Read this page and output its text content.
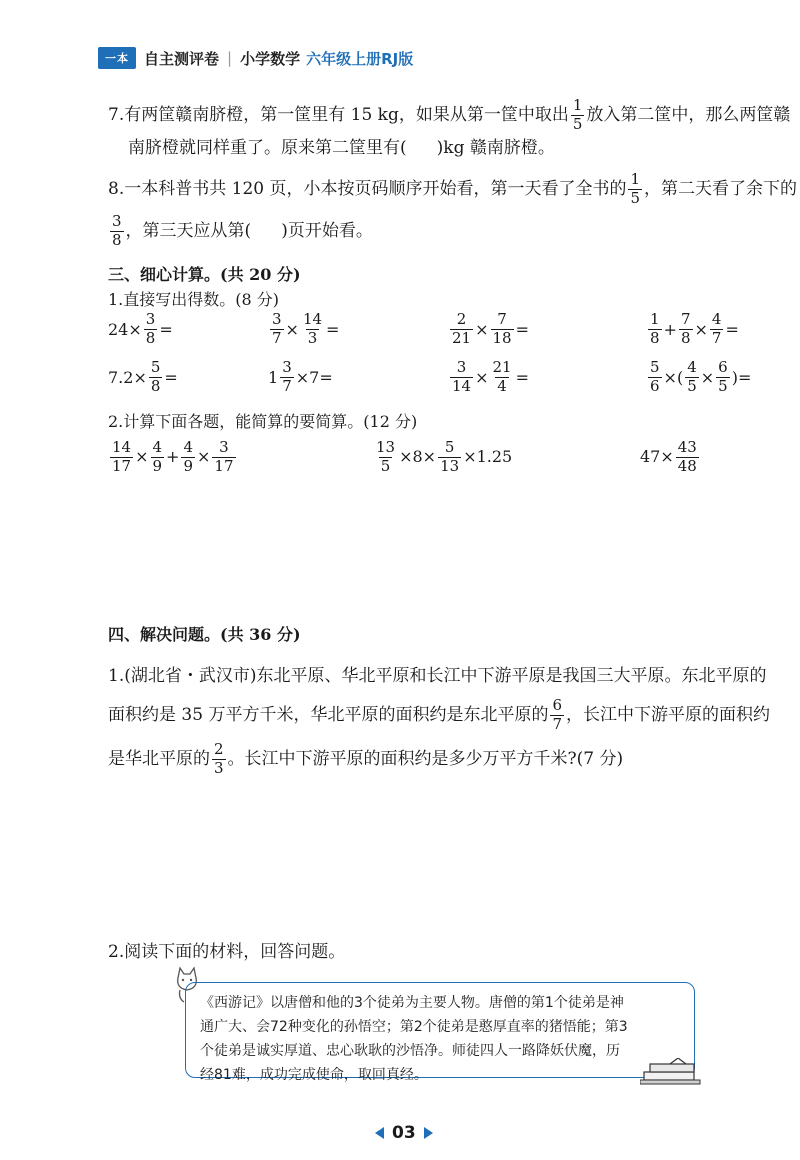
一本	自主测评卷 | 小学数学 六年级上册RJ版
7.有两筐赣南脐橙，第一筐里有 15 kg，如果从第一筐中取出 $\frac{1}{5}$ 放入第二筐中，那么两筐赣
南脐橙就同样重了。原来第二筐里有( )kg 赣南脐橙。
8.一本科普书共 120 页，小本按页码顺序开始看，第一天看了全书的 $\frac{1}{5}$ ，第二天看了余下的
$\frac{3}{8}$ ，第三天应从第( )页开始看。
三、细心计算。(共 20 分)
1.直接写出得数。(8 分)
$24\times \frac{3}{8}$ =	$\frac{3}{7} \times \frac{14}{3}$ =	$\frac{2}{21} \times \frac{7}{18}$ =	$\frac{1}{8} + \frac{7}{8} \times \frac{4}{7}$ =
$7.2\times \frac{5}{8}$ =	$1 \frac{3}{7} \times 7=$	$\frac{3}{14} \times \frac{21}{4}$ =	$\frac{5}{6}$ ×( $\frac{4}{5} \times \frac{6}{5}$ )=
2.计算下面各题，能简算的要简算。(12 分)
$\frac{14}{17} \times \frac{4}{9} + \frac{4}{9} \times \frac{3}{17}$	$\frac{13}{5} \times 8\times \frac{5}{13} \times 1.25$	$47\times \frac{43}{48}$
四、解决问题。(共 36 分)
1.(湖北省・武汉市)东北平原、华北平原和长江中下游平原是我国三大平原。东北平原的
面积约是 35 万平方千米，华北平原的面积约是东北平原的 $\frac{6}{7}$ ，长江中下游平原的面积约
是华北平原的 $\frac{2}{3}$ 。长江中下游平原的面积约是多少万平方千米?(7 分)
2.阅读下面的材料，回答问题。

《西游记》以唐僧和他的3个徒弟为主要人物。唐僧的第1个徒弟是神

通广大、会72种变化的孙悟空；第2个徒弟是憨厚直率的猪悟能；第3

个徒弟是诚实厚道、忠心耿耿的沙悟净。师徒四人一路降妖伏魔，历

经81难，成功完成使命，取回真经。

03
